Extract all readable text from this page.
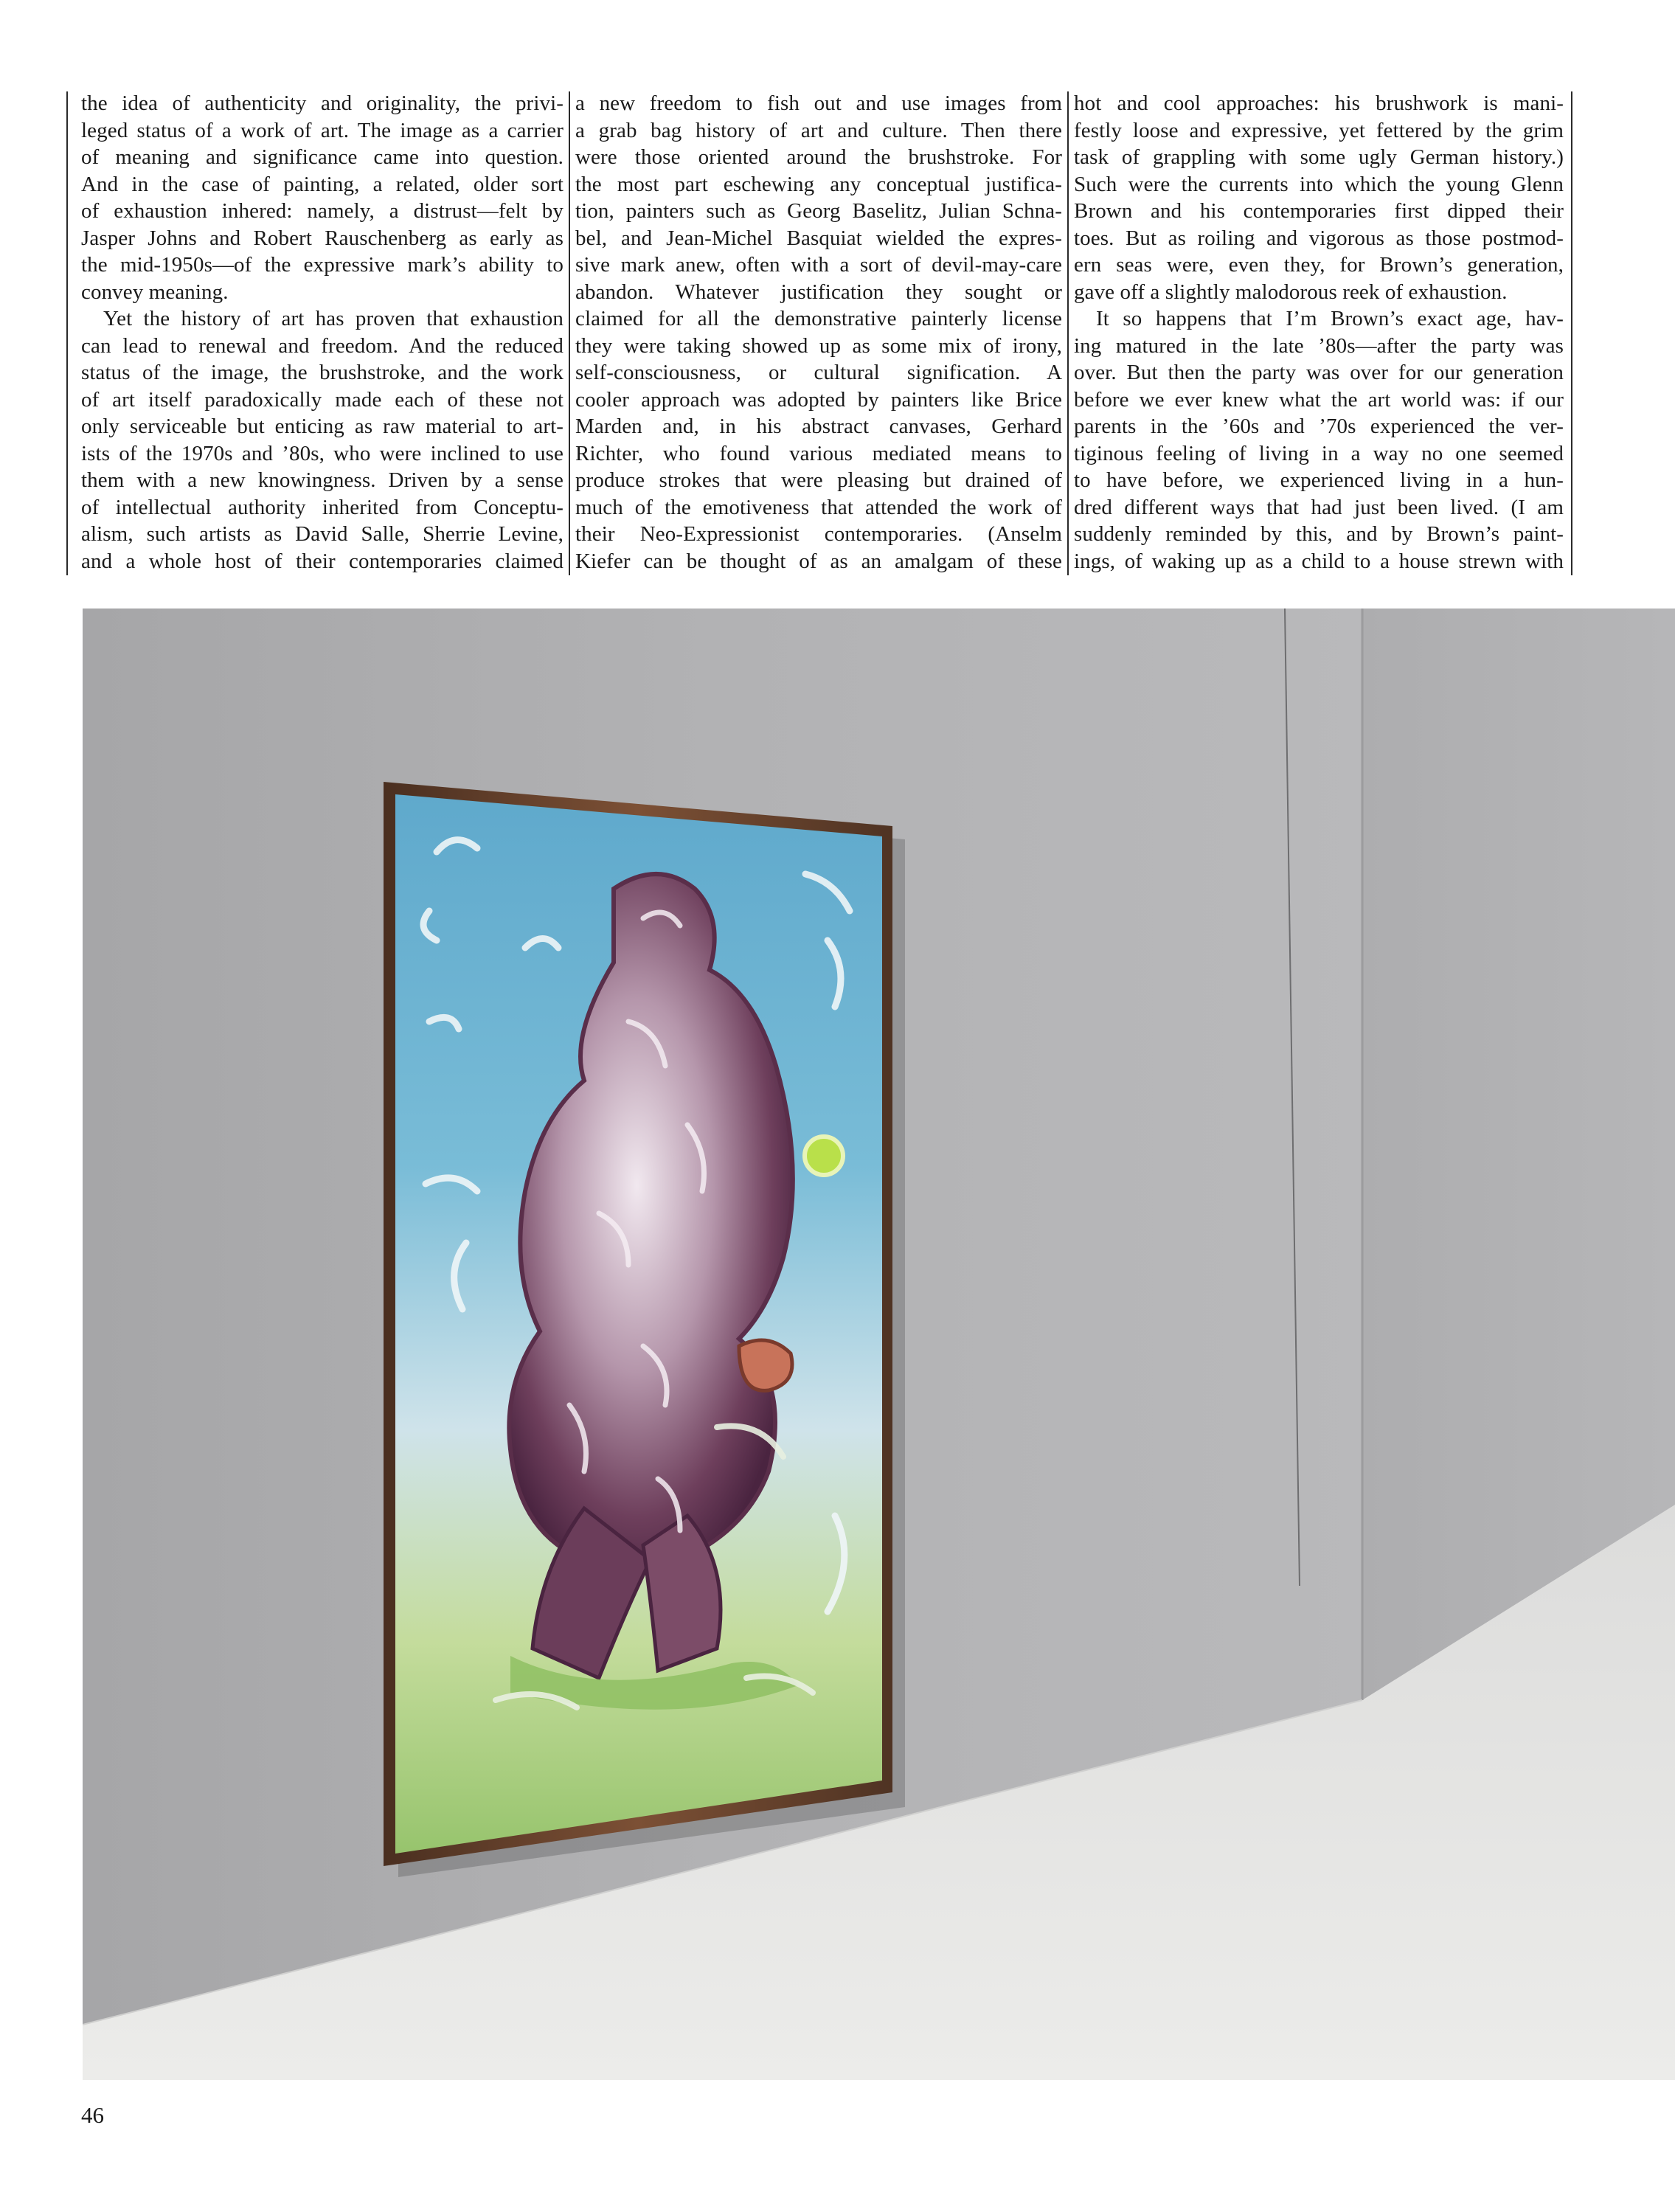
the idea of authenticity and originality, the privi-
leged status of a work of art. The image as a carrier
of meaning and significance came into question.
And in the case of painting, a related, older sort
of exhaustion inhered: namely, a distrust—felt by
Jasper Johns and Robert Rauschenberg as early as
the mid-1950s—of the expressive mark’s ability to
convey meaning.
Yet the history of art has proven that exhaustion
can lead to renewal and freedom. And the reduced
status of the image, the brushstroke, and the work
of art itself paradoxically made each of these not
only serviceable but enticing as raw material to art-
ists of the 1970s and ’80s, who were inclined to use
them with a new knowingness. Driven by a sense
of intellectual authority inherited from Conceptu-
alism, such artists as David Salle, Sherrie Levine,
and a whole host of their contemporaries claimed
a new freedom to fish out and use images from
a grab bag history of art and culture. Then there
were those oriented around the brushstroke. For
the most part eschewing any conceptual justifica-
tion, painters such as Georg Baselitz, Julian Schna-
bel, and Jean-Michel Basquiat wielded the expres-
sive mark anew, often with a sort of devil-may-care
abandon. Whatever justification they sought or
claimed for all the demonstrative painterly license
they were taking showed up as some mix of irony,
self-consciousness, or cultural signification. A
cooler approach was adopted by painters like Brice
Marden and, in his abstract canvases, Gerhard
Richter, who found various mediated means to
produce strokes that were pleasing but drained of
much of the emotiveness that attended the work of
their Neo-Expressionist contemporaries. (Anselm
Kiefer can be thought of as an amalgam of these
hot and cool approaches: his brushwork is mani-
festly loose and expressive, yet fettered by the grim
task of grappling with some ugly German history.)
Such were the currents into which the young Glenn
Brown and his contemporaries first dipped their
toes. But as roiling and vigorous as those postmod-
ern seas were, even they, for Brown’s generation,
gave off a slightly malodorous reek of exhaustion.
It so happens that I’m Brown’s exact age, hav-
ing matured in the late ’80s—after the party was
over. But then the party was over for our generation
before we ever knew what the art world was: if our
parents in the ’60s and ’70s experienced the ver-
tiginous feeling of living in a way no one seemed
to have before, we experienced living in a hun-
dred different ways that had just been lived. (I am
suddenly reminded by this, and by Brown’s paint-
ings, of waking up as a child to a house strewn with
46
